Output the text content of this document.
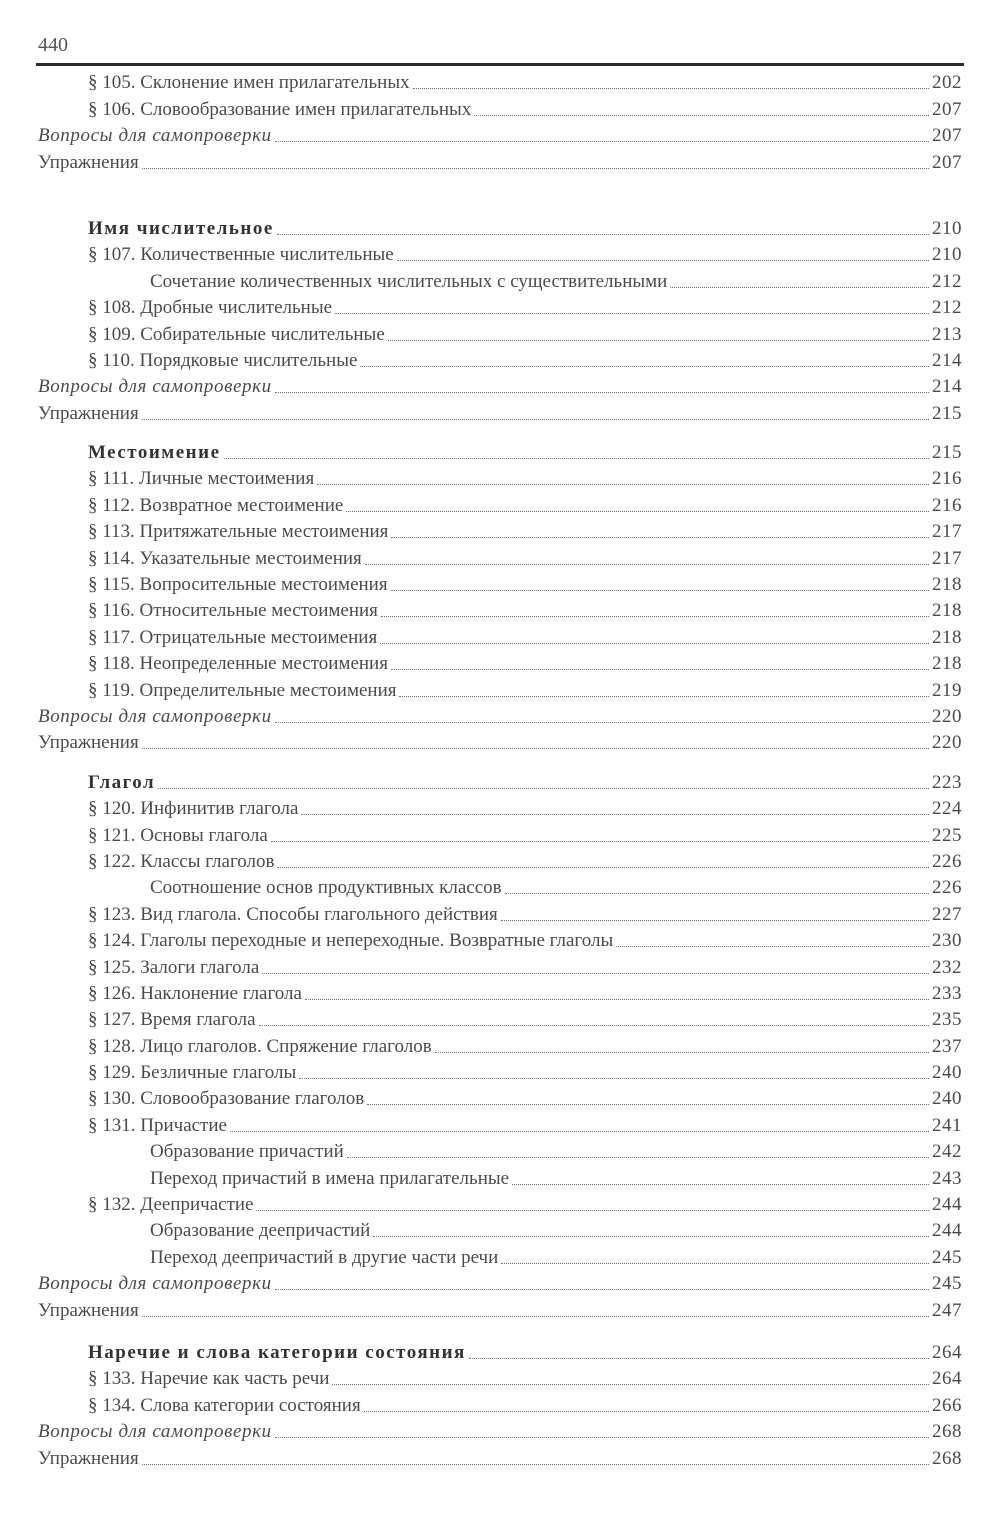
440
§ 105. Склонение имен прилагательных	202
§ 106. Словообразование имен прилагательных	207
Вопросы для самопроверки	207
Упражнения	207
Имя числительное	210
§ 107. Количественные числительные	210
Сочетание количественных числительных с существительными	212
§ 108. Дробные числительные	212
§ 109. Собирательные числительные	213
§ 110. Порядковые числительные	214
Вопросы для самопроверки	214
Упражнения	215
Местоимение	215
§ 111. Личные местоимения	216
§ 112. Возвратное местоимение	216
§ 113. Притяжательные местоимения	217
§ 114. Указательные местоимения	217
§ 115. Вопросительные местоимения	218
§ 116. Относительные местоимения	218
§ 117. Отрицательные местоимения	218
§ 118. Неопределенные местоимения	218
§ 119. Определительные местоимения	219
Вопросы для самопроверки	220
Упражнения	220
Глагол	223
§ 120. Инфинитив глагола	224
§ 121. Основы глагола	225
§ 122. Классы глаголов	226
Соотношение основ продуктивных классов	226
§ 123. Вид глагола. Способы глагольного действия	227
§ 124. Глаголы переходные и непереходные. Возвратные глаголы	230
§ 125. Залоги глагола	232
§ 126. Наклонение глагола	233
§ 127. Время глагола	235
§ 128. Лицо глаголов. Спряжение глаголов	237
§ 129. Безличные глаголы	240
§ 130. Словообразование глаголов	240
§ 131. Причастие	241
Образование причастий	242
Переход причастий в имена прилагательные	243
§ 132. Деепричастие	244
Образование деепричастий	244
Переход деепричастий в другие части речи	245
Вопросы для самопроверки	245
Упражнения	247
Наречие и слова категории состояния	264
§ 133. Наречие как часть речи	264
§ 134. Слова категории состояния	266
Вопросы для самопроверки	268
Упражнения	268
